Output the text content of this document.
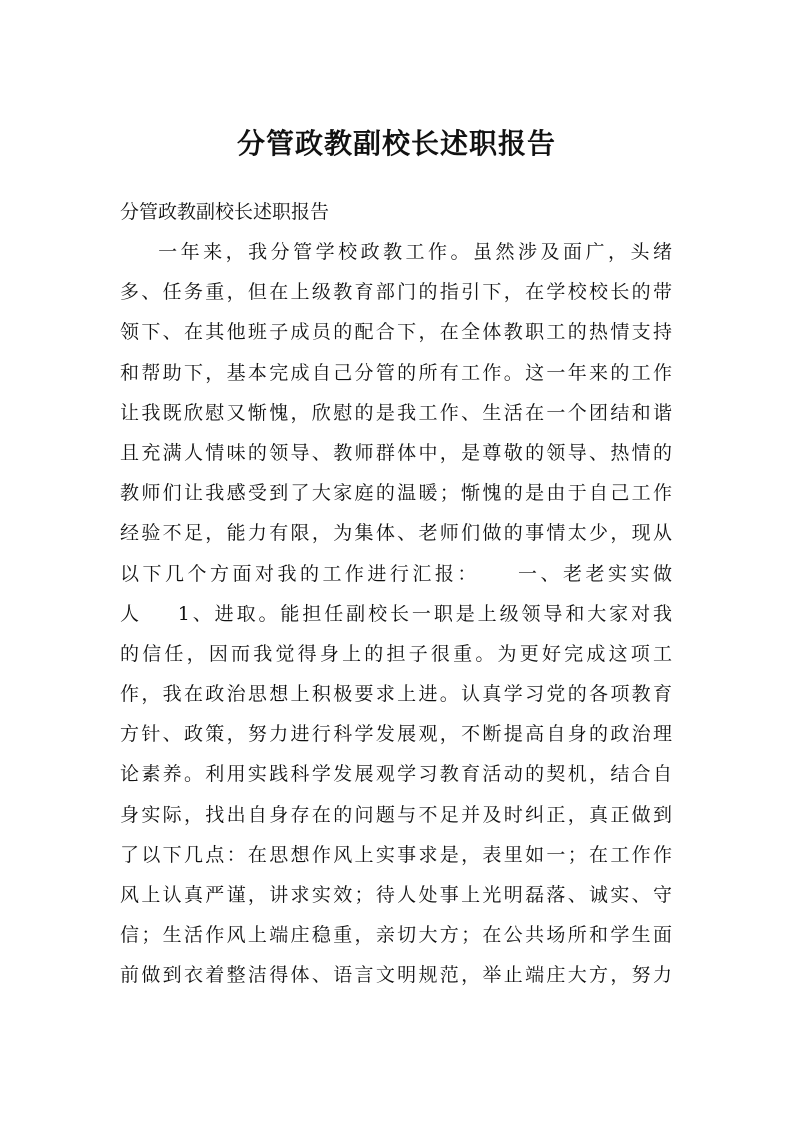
分管政教副校长述职报告

分管政教副校长述职报告

一年来，我分管学校政教工作。虽然涉及面广，头绪
多、任务重，但在上级教育部门的指引下，在学校校长的带
领下、在其他班子成员的配合下，在全体教职工的热情支持
和帮助下，基本完成自己分管的所有工作。这一年来的工作
让我既欣慰又惭愧，欣慰的是我工作、生活在一个团结和谐
且充满人情味的领导、教师群体中，是尊敬的领导、热情的
教师们让我感受到了大家庭的温暖；惭愧的是由于自己工作
经验不足，能力有限，为集体、老师们做的事情太少，现从
以下几个方面对我的工作进行汇报：    一、老老实实做
人    1、进取。能担任副校长一职是上级领导和大家对我
的信任，因而我觉得身上的担子很重。为更好完成这项工
作，我在政治思想上积极要求上进。认真学习党的各项教育
方针、政策，努力进行科学发展观，不断提高自身的政治理
论素养。利用实践科学发展观学习教育活动的契机，结合自
身实际，找出自身存在的问题与不足并及时纠正，真正做到
了以下几点：在思想作风上实事求是，表里如一；在工作作
风上认真严谨，讲求实效；待人处事上光明磊落、诚实、守
信；生活作风上端庄稳重，亲切大方；在公共场所和学生面
前做到衣着整洁得体、语言文明规范，举止端庄大方，努力
